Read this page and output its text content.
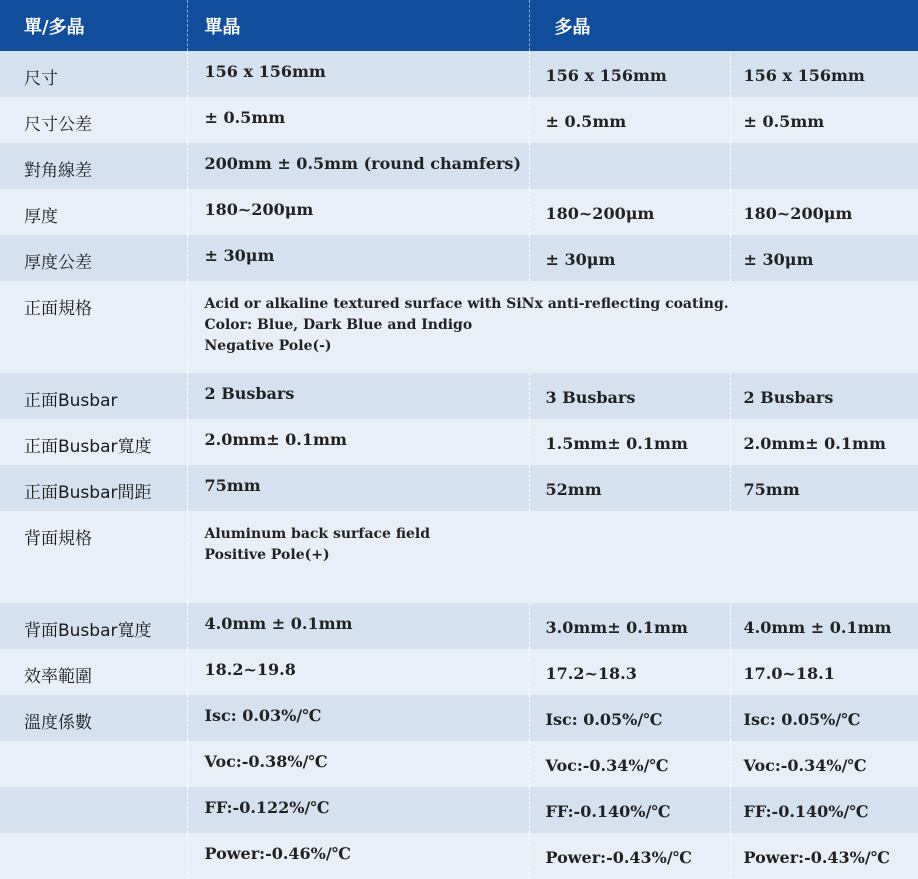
單/多晶	單晶	多晶	
尺寸	156 x 156mm	156 x 156mm	156 x 156mm
尺寸公差	± 0.5mm	± 0.5mm	± 0.5mm
對角線差	200mm ± 0.5mm (round chamfers)		
厚度	180~200μm	180~200μm	180~200μm
厚度公差	± 30μm	± 30μm	± 30μm
正面規格	Acid or alkaline textured surface with SiNx anti-reflecting coating.
Color: Blue, Dark Blue and Indigo
Negative Pole(-)		

正面Busbar	2 Busbars	3 Busbars	2 Busbars
正面Busbar寬度	2.0mm± 0.1mm	1.5mm± 0.1mm	2.0mm± 0.1mm
正面Busbar間距	75mm	52mm	75mm
背面規格	Aluminum back surface field
Positive Pole(+)		

背面Busbar寬度	4.0mm ± 0.1mm	3.0mm± 0.1mm	4.0mm ± 0.1mm
效率範圍	18.2~19.8	17.2~18.3	17.0~18.1
溫度係數	Isc: 0.03%/℃	Isc: 0.05%/℃	Isc: 0.05%/℃
	Voc:-0.38%/℃	Voc:-0.34%/℃	Voc:-0.34%/℃
	FF:-0.122%/℃	FF:-0.140%/℃	FF:-0.140%/℃
	Power:-0.46%/℃	Power:-0.43%/℃	Power:-0.43%/℃
